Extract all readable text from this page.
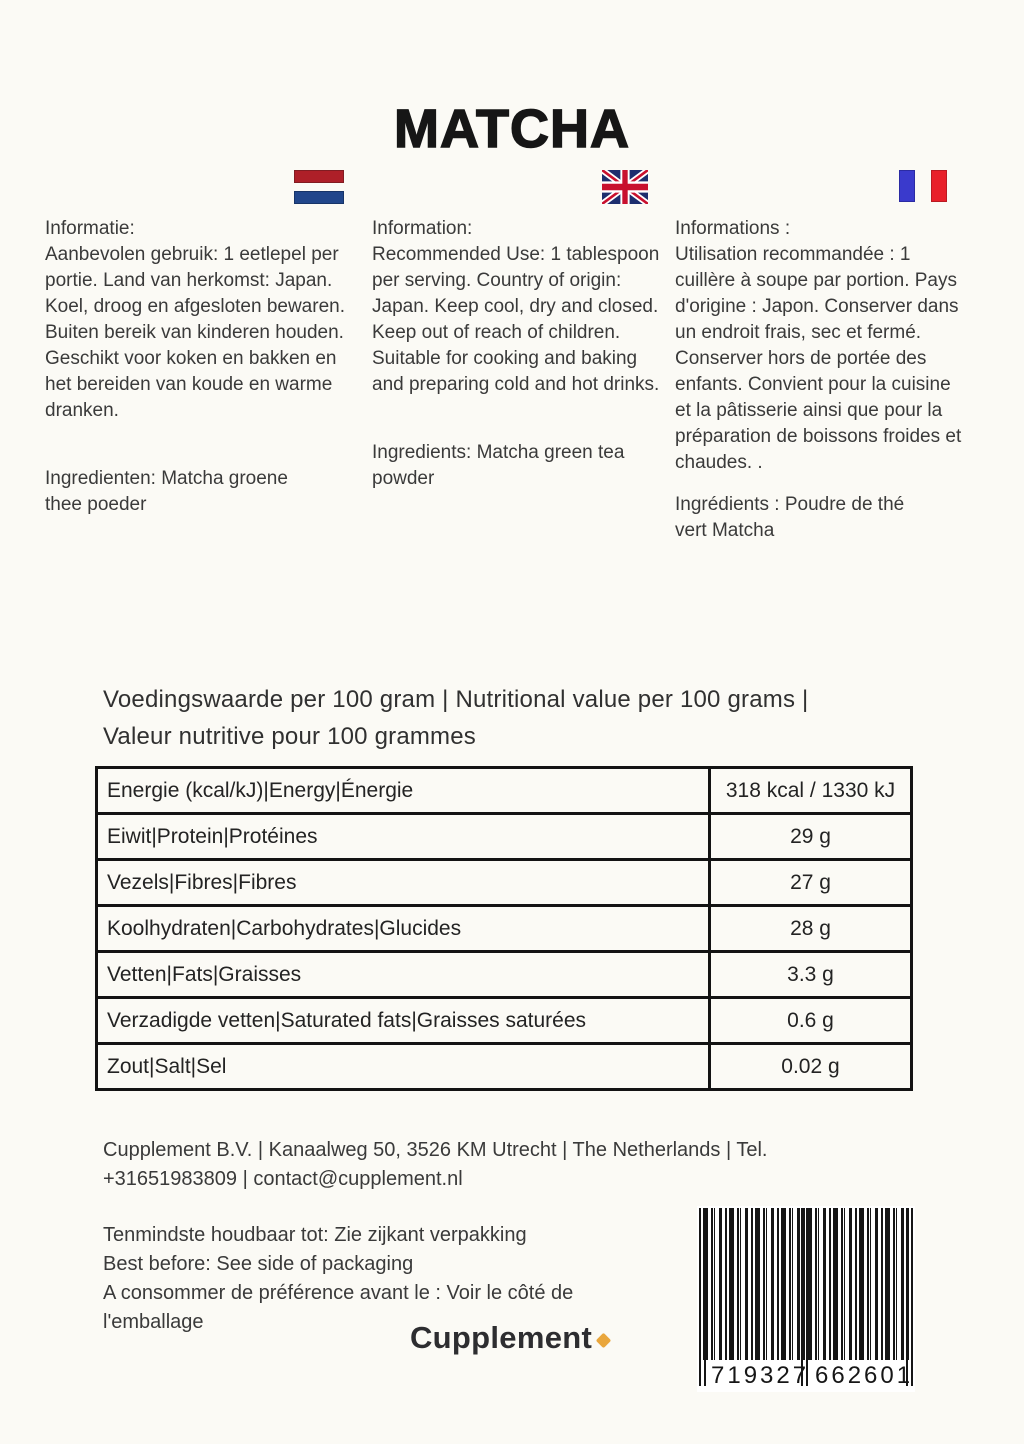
MATCHA

Informatie:

Aanbevolen gebruik: 1 eetlepel per portie. Land van herkomst: Japan. Koel, droog en afgesloten bewaren. Buiten bereik van kinderen houden. Geschikt voor koken en bakken en het bereiden van koude en warme dranken.

Ingredienten: Matcha groene thee poeder

Information:

Recommended Use: 1 tablespoon per serving. Country of origin: Japan. Keep cool, dry and closed. Keep out of reach of children. Suitable for cooking and baking and preparing cold and hot drinks.

Ingredients: Matcha green tea powder

Informations :

Utilisation recommandée : 1 cuillère à soupe par portion. Pays d'origine : Japon. Conserver dans un endroit frais, sec et fermé. Conserver hors de portée des enfants. Convient pour la cuisine et la pâtisserie ainsi que pour la préparation de boissons froides et chaudes. .

Ingrédients : Poudre de thé vert Matcha

Voedingswaarde per 100 gram | Nutritional value per 100 grams |
Valeur nutritive pour 100 grammes
Energie (kcal/kJ)|Energy|Énergie	318 kcal / 1330 kJ
Eiwit|Protein|Protéines	29 g
Vezels|Fibres|Fibres	27 g
Koolhydraten|Carbohydrates|Glucides	28 g
Vetten|Fats|Graisses	3.3 g
Verzadigde vetten|Saturated fats|Graisses saturées	0.6 g
Zout|Salt|Sel	0.02 g
Cupplement B.V. | Kanaalweg 50, 3526 KM Utrecht | The Netherlands | Tel.
+31651983809 | contact@cupplement.nl
Tenmindste houdbaar tot: Zie zijkant verpakking
Best before: See side of packaging
A consommer de préférence avant le : Voir le côté de
l'emballage	Cupplement
719327 662601
